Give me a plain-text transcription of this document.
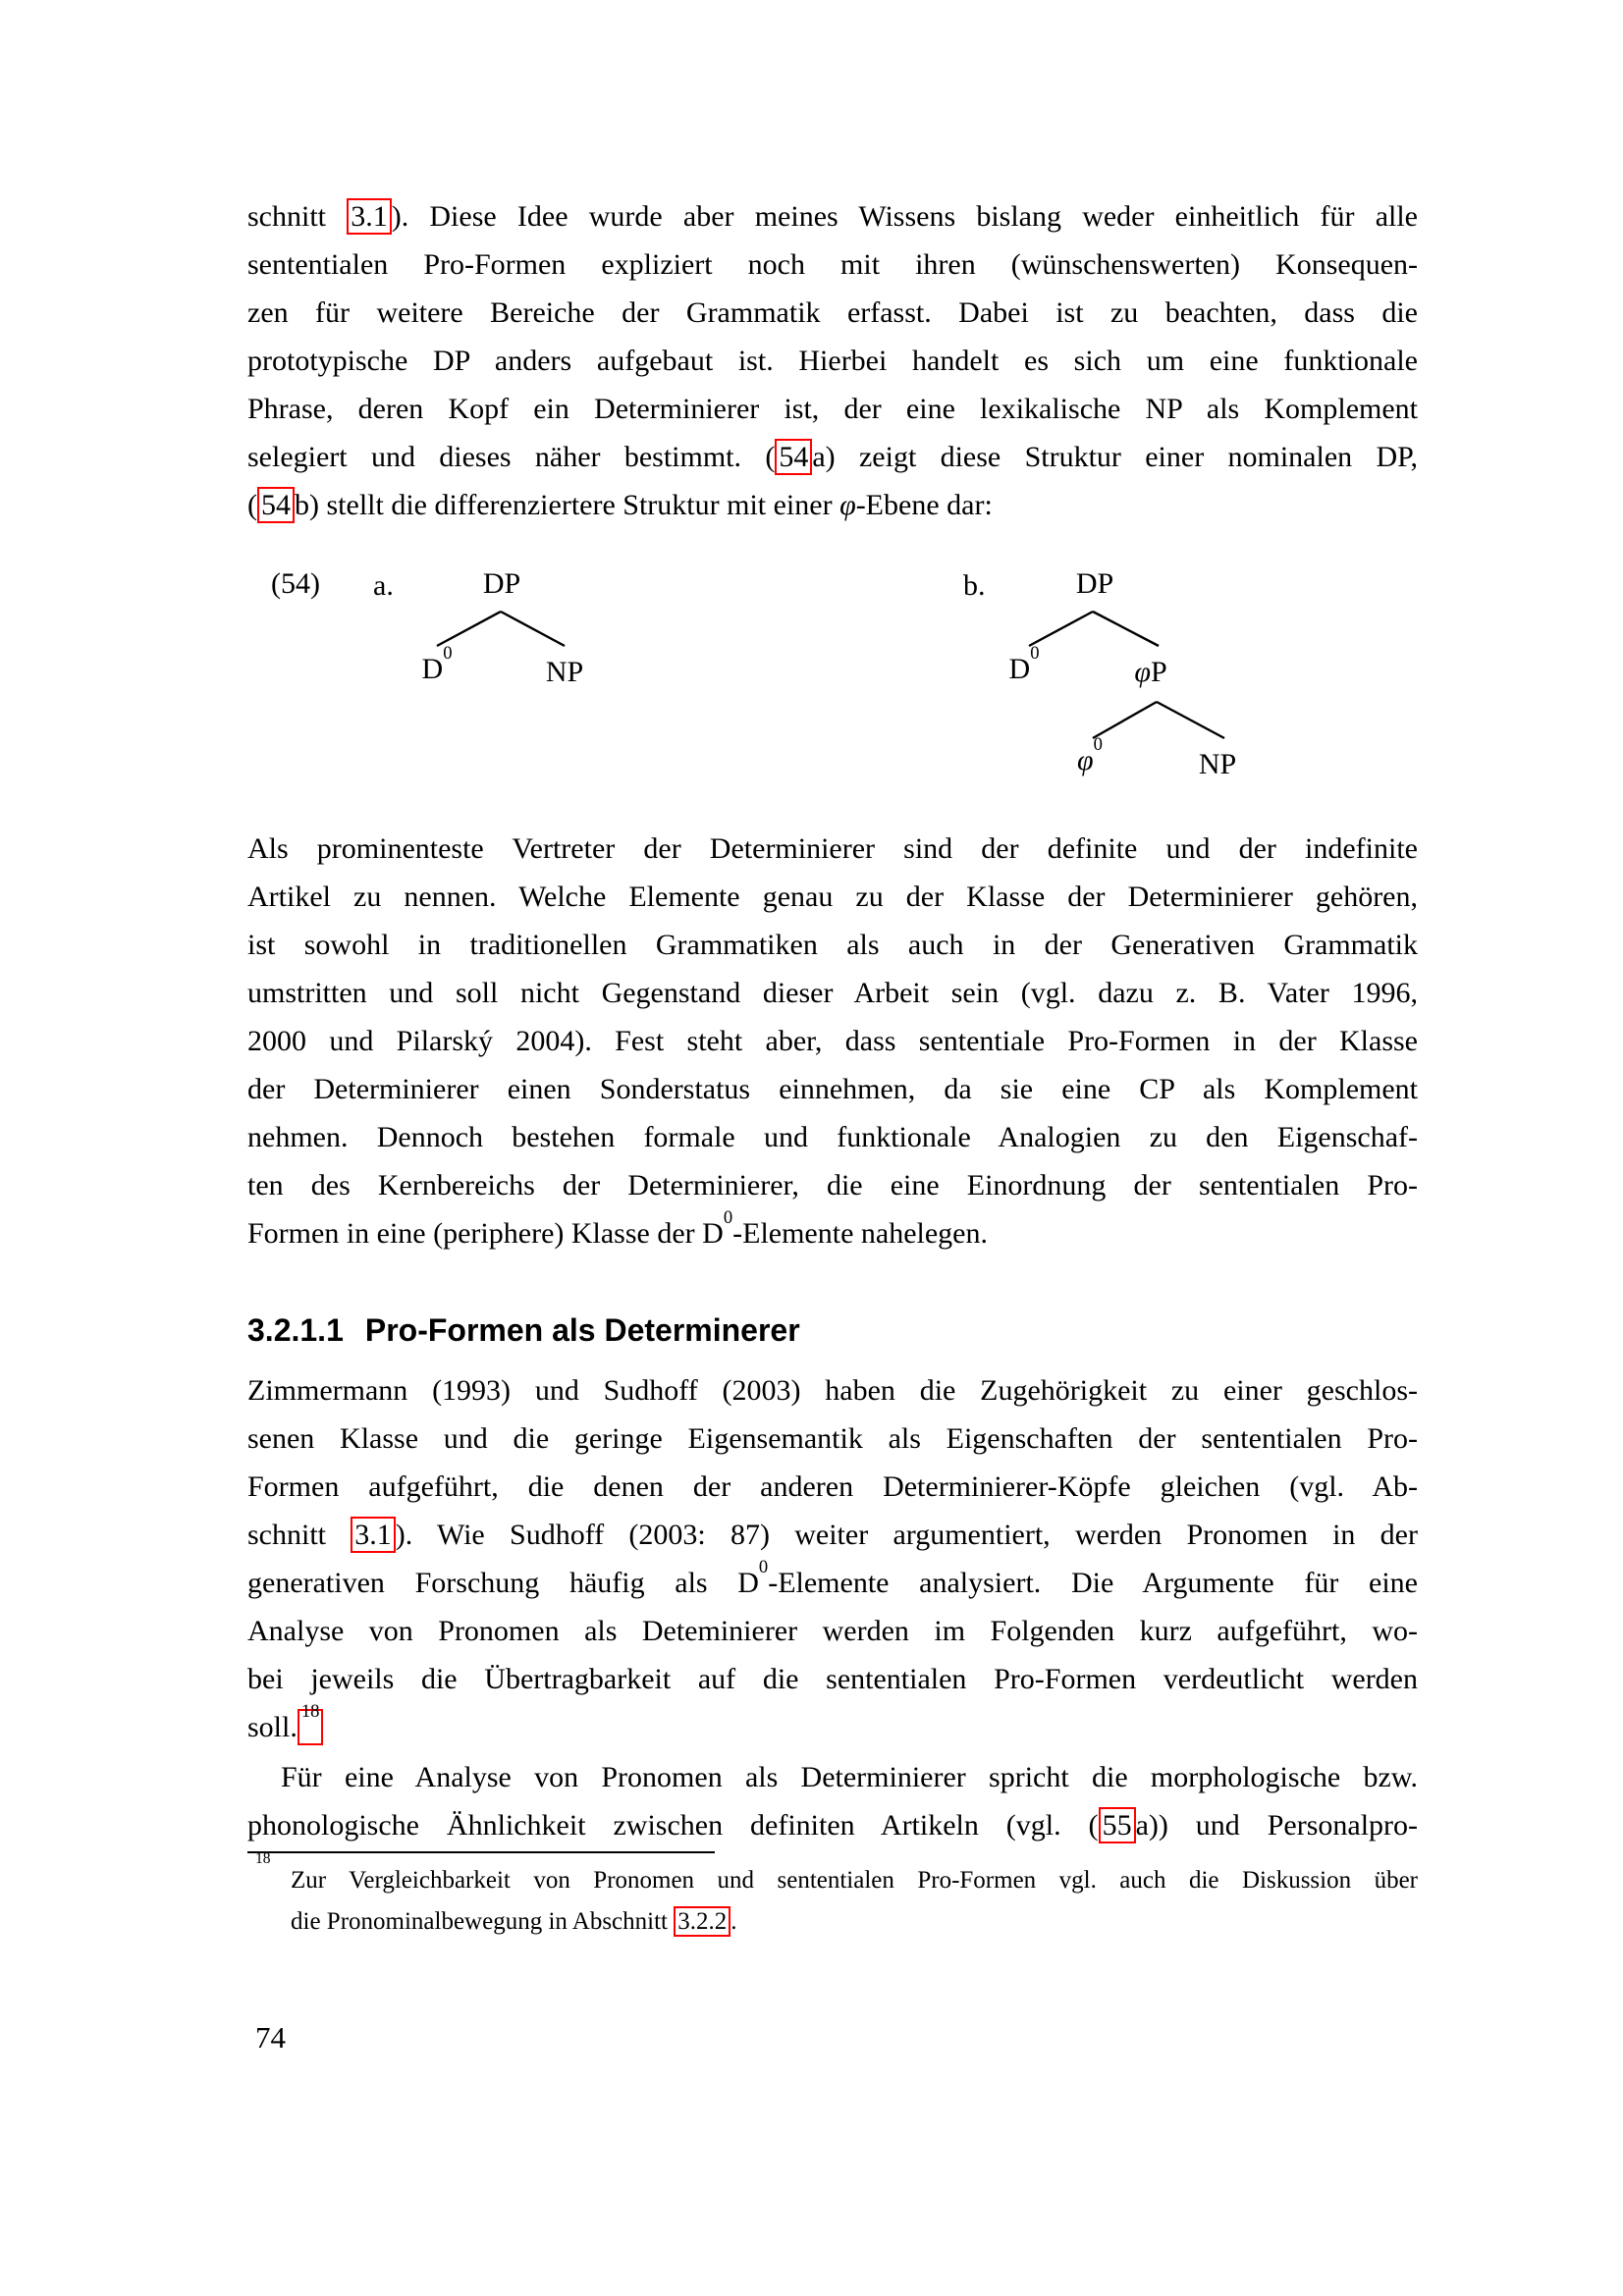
schnitt 3.1 ). Diese Idee wurde aber meines Wissens bislang weder einheitlich für alle
sententialen Pro-Formen expliziert noch mit ihren (wünschenswerten) Konsequen-
zen für weitere Bereiche der Grammatik erfasst. Dabei ist zu beachten, dass die
prototypische DP anders aufgebaut ist. Hierbei handelt es sich um eine funktionale
Phrase, deren Kopf ein Determinierer ist, der eine lexikalische NP als Komplement
selegiert und dieses näher bestimmt. ( 54 a) zeigt diese Struktur einer nominalen DP,
( 54 b) stellt die differenziertere Struktur mit einer φ-Ebene dar:
(54) a.	b.
DP
$D^0$
NP
DP
$D^0$
φP
$\varphi^0$
NP
Als prominenteste Vertreter der Determinierer sind der definite und der indefinite
Artikel zu nennen. Welche Elemente genau zu der Klasse der Determinierer gehören,
ist sowohl in traditionellen Grammatiken als auch in der Generativen Grammatik
umstritten und soll nicht Gegenstand dieser Arbeit sein (vgl. dazu z. B. Vater 1996,
2000 und Pilarský 2004). Fest steht aber, dass sententiale Pro-Formen in der Klasse
der Determinierer einen Sonderstatus einnehmen, da sie eine CP als Komplement
nehmen. Dennoch bestehen formale und funktionale Analogien zu den Eigenschaf-
ten des Kernbereichs der Determinierer, die eine Einordnung der sententialen Pro-
Formen in eine (periphere) Klasse der $D^0$-Elemente nahelegen.
3.2.1.1 Pro-Formen als Determinerer
Zimmermann (1993) und Sudhoff (2003) haben die Zugehörigkeit zu einer geschlos-
senen Klasse und die geringe Eigensemantik als Eigenschaften der sententialen Pro-
Formen aufgeführt, die denen der anderen Determinierer-Köpfe gleichen (vgl. Ab-
schnitt 3.1 ). Wie Sudhoff (2003: 87) weiter argumentiert, werden Pronomen in der
generativen Forschung häufig als $D^0$-Elemente analysiert. Die Argumente für eine
Analyse von Pronomen als Deteminierer werden im Folgenden kurz aufgeführt, wo-
bei jeweils die Übertragbarkeit auf die sententialen Pro-Formen verdeutlicht werden
soll. $^{18}$
Für eine Analyse von Pronomen als Determinierer spricht die morphologische bzw.
phonologische Ähnlichkeit zwischen definiten Artikeln (vgl. ( 55 a)) und Personalpro-
$^{18}$
Zur Vergleichbarkeit von Pronomen und sententialen Pro-Formen vgl. auch die Diskussion über
die Pronominalbewegung in Abschnitt 3.2.2 .
74
